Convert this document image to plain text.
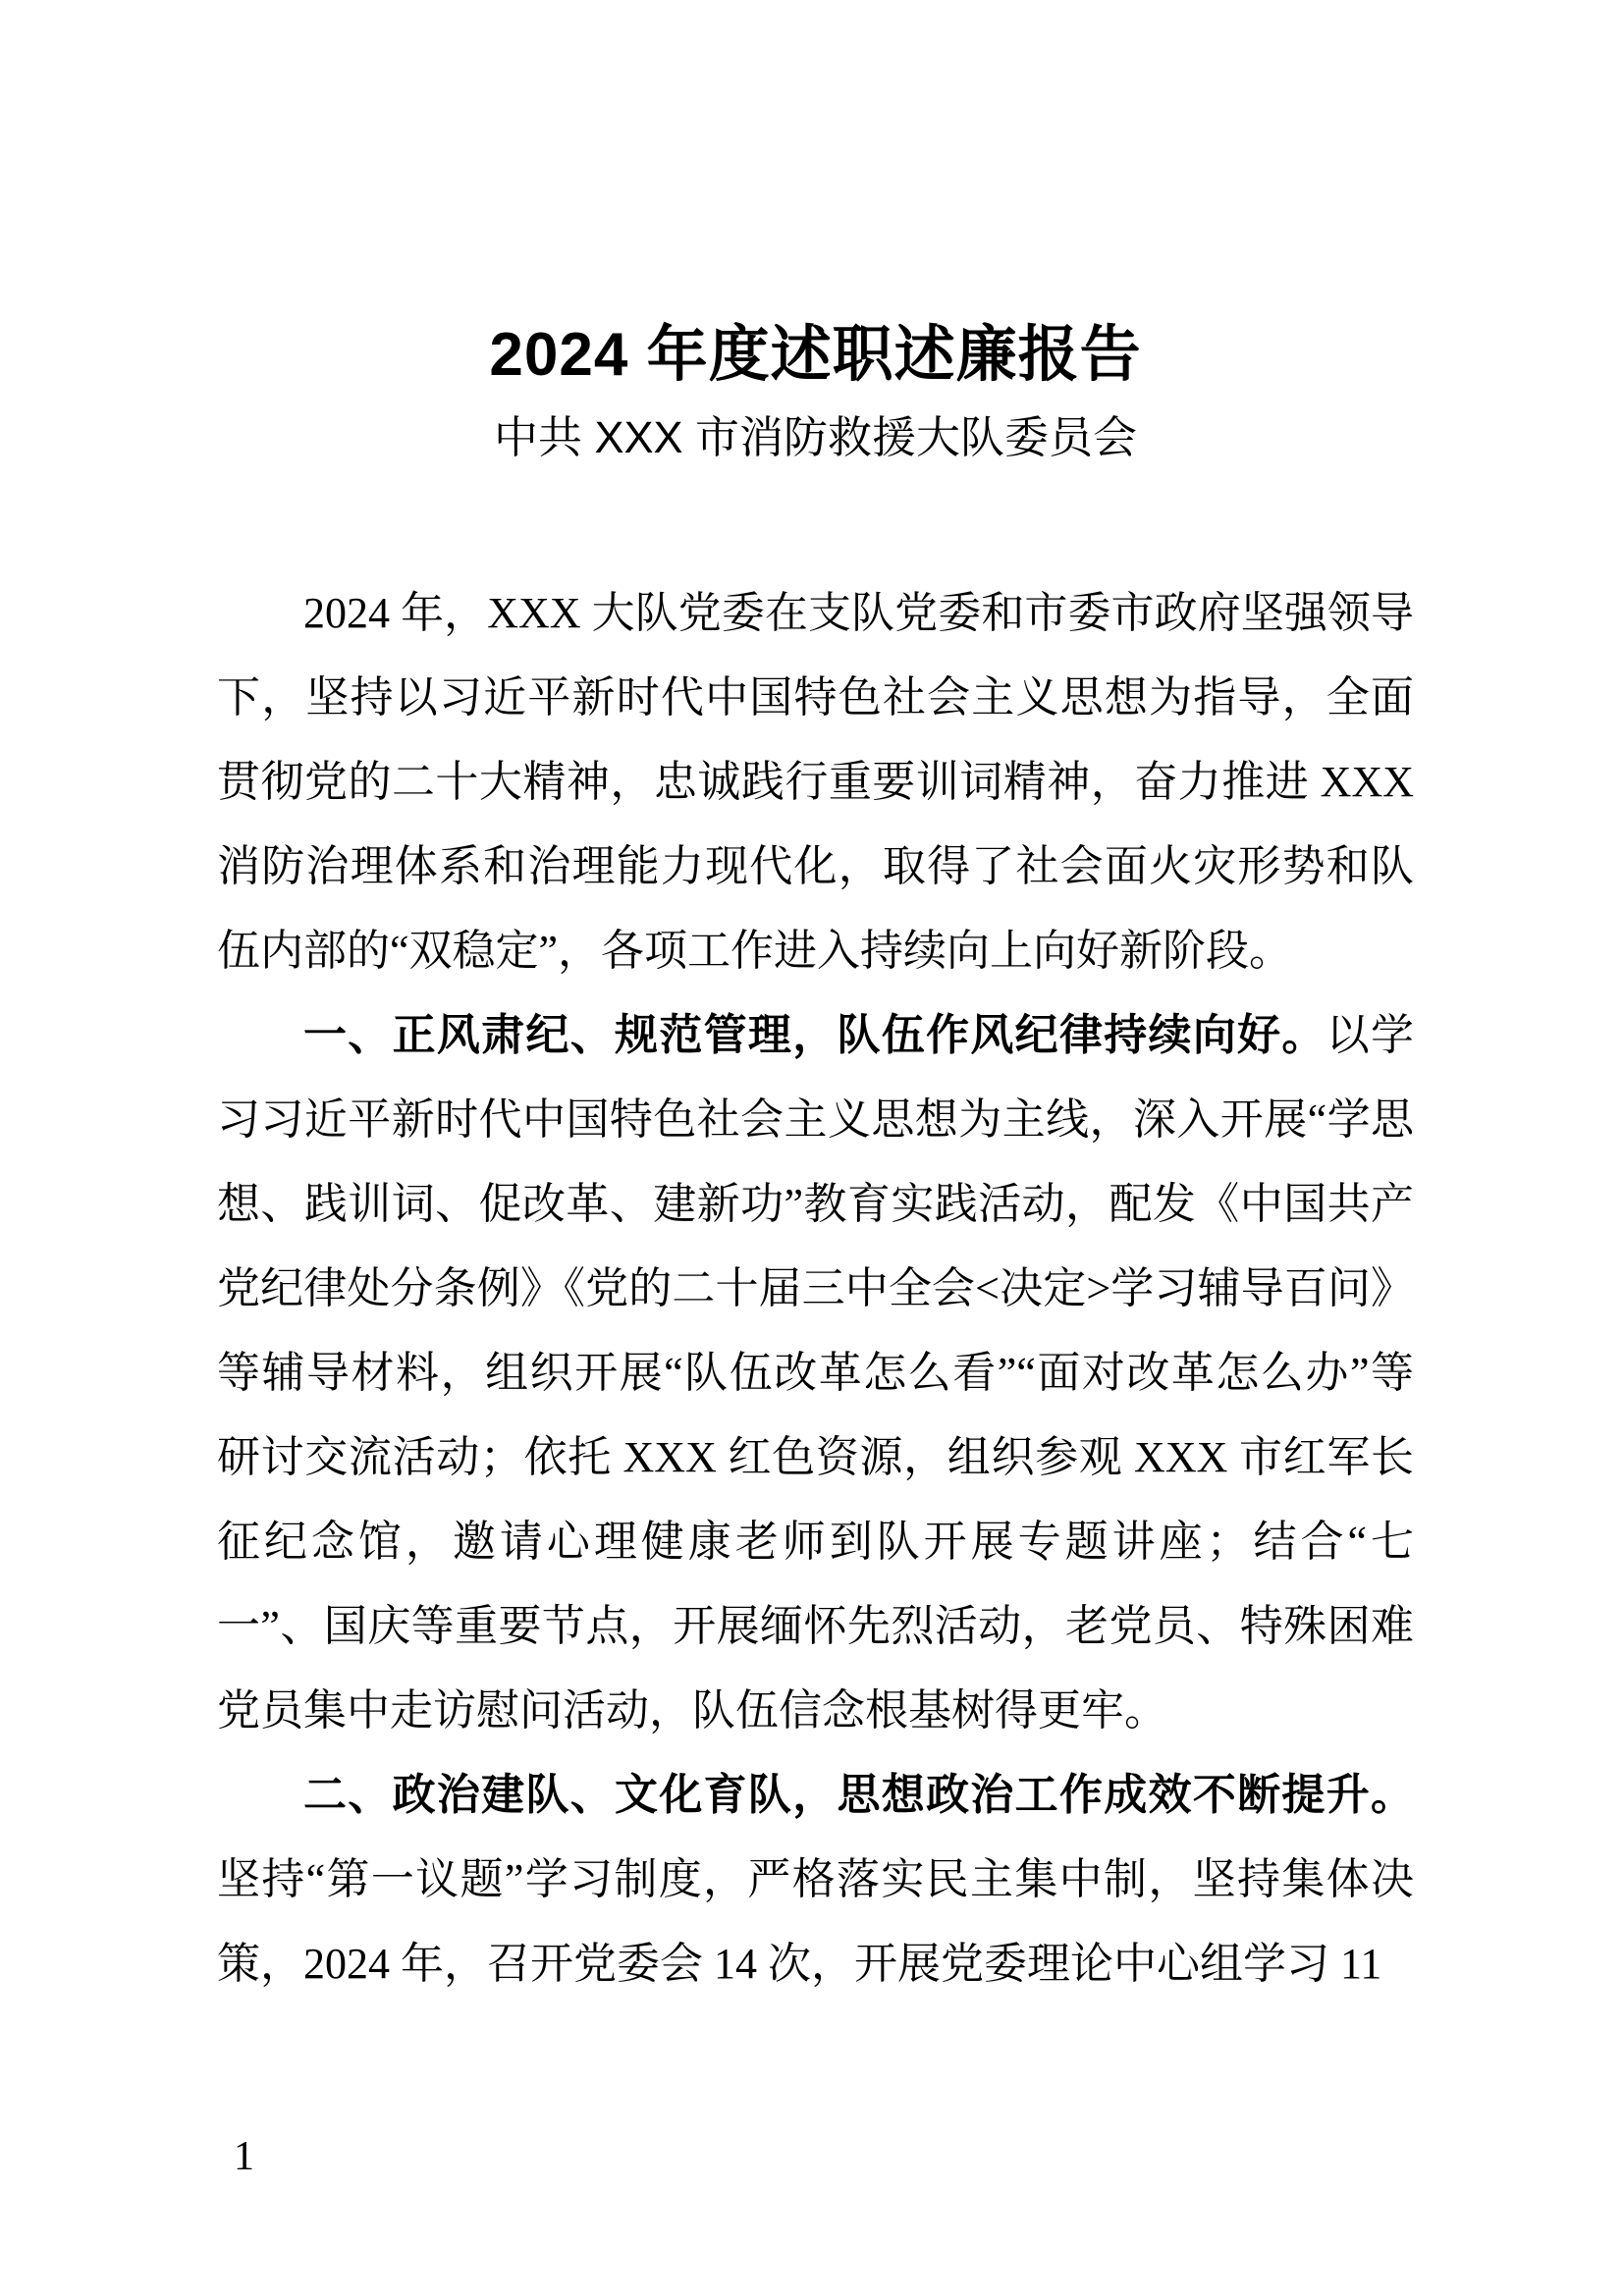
2024 年度述职述廉报告
中共 XXX 市消防救援大队委员会

2024 年，XXX 大队党委在支队党委和市委市政府坚强领导下，坚持以习近平新时代中国特色社会主义思想为指导，全面贯彻党的二十大精神，忠诚践行重要训词精神，奋力推进 XXX 消防治理体系和治理能力现代化，取得了社会面火灾形势和队伍内部的“双稳定”，各项工作进入持续向上向好新阶段。

一、正风肃纪、规范管理，队伍作风纪律持续向好。以学习习近平新时代中国特色社会主义思想为主线，深入开展“学思想、践训词、促改革、建新功”教育实践活动，配发《中国共产党纪律处分条例》《党的二十届三中全会<决定>学习辅导百问》等辅导材料，组织开展“队伍改革怎么看”“面对改革怎么办”等研讨交流活动；依托 XXX 红色资源，组织参观 XXX 市红军长征纪念馆，邀请心理健康老师到队开展专题讲座；结合“七一”、国庆等重要节点，开展缅怀先烈活动，老党员、特殊困难党员集中走访慰问活动，队伍信念根基树得更牢。

二、政治建队、文化育队，思想政治工作成效不断提升。坚持“第一议题”学习制度，严格落实民主集中制，坚持集体决策，2024 年，召开党委会 14 次，开展党委理论中心组学习 11

1
